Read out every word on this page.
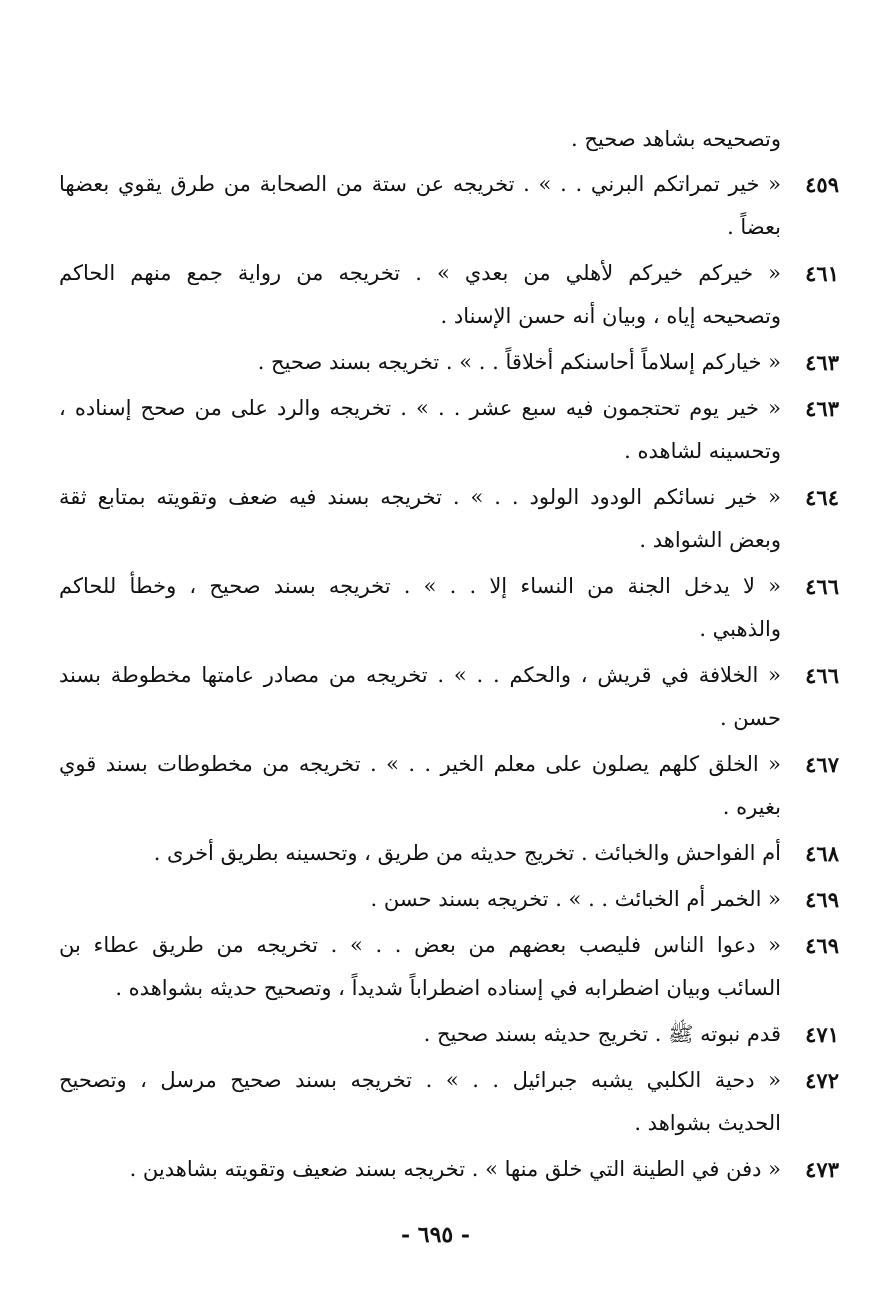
وتصحيحه بشاهد صحيح .
٤٥٩

« خير تمراتكم البرني . . » . تخريجه عن ستة من الصحابة من طرق يقوي بعضها

بعضاً .

٤٦١

« خيركم خيركم لأهلي من بعدي » . تخريجه من رواية جمع منهم الحاكم

وتصحيحه إياه ، وبيان أنه حسن الإسناد .

٤٦٣

« خياركم إسلاماً أحاسنكم أخلاقاً . . » . تخريجه بسند صحيح .

٤٦٣

« خير يوم تحتجمون فيه سبع عشر . . » . تخريجه والرد على من صحح إسناده ،

وتحسينه لشاهده .

٤٦٤

« خير نسائكم الودود الولود . . » . تخريجه بسند فيه ضعف وتقويته بمتابع ثقة

وبعض الشواهد .

٤٦٦

« لا يدخل الجنة من النساء إلا . . » . تخريجه بسند صحيح ، وخطأ للحاكم

والذهبي .

٤٦٦

« الخلافة في قريش ، والحكم . . » . تخريجه من مصادر عامتها مخطوطة بسند

حسن .

٤٦٧

« الخلق كلهم يصلون على معلم الخير . . » . تخريجه من مخطوطات بسند قوي

بغيره .

٤٦٨

أم الفواحش والخبائث . تخريج حديثه من طريق ، وتحسينه بطريق أخرى .

٤٦٩

« الخمر أم الخبائث . . » . تخريجه بسند حسن .

٤٦٩

« دعوا الناس فليصب بعضهم من بعض . . » . تخريجه من طريق عطاء بن

السائب وبيان اضطرابه في إسناده اضطراباً شديداً ، وتصحيح حديثه بشواهده .

٤٧١

قدم نبوته ﷺ . تخريج حديثه بسند صحيح .

٤٧٢

« دحية الكلبي يشبه جبرائيل . . » . تخريجه بسند صحيح مرسل ، وتصحيح

الحديث بشواهد .

٤٧٣

« دفن في الطينة التي خلق منها » . تخريجه بسند ضعيف وتقويته بشاهدين .

- ٦٩٥ -
